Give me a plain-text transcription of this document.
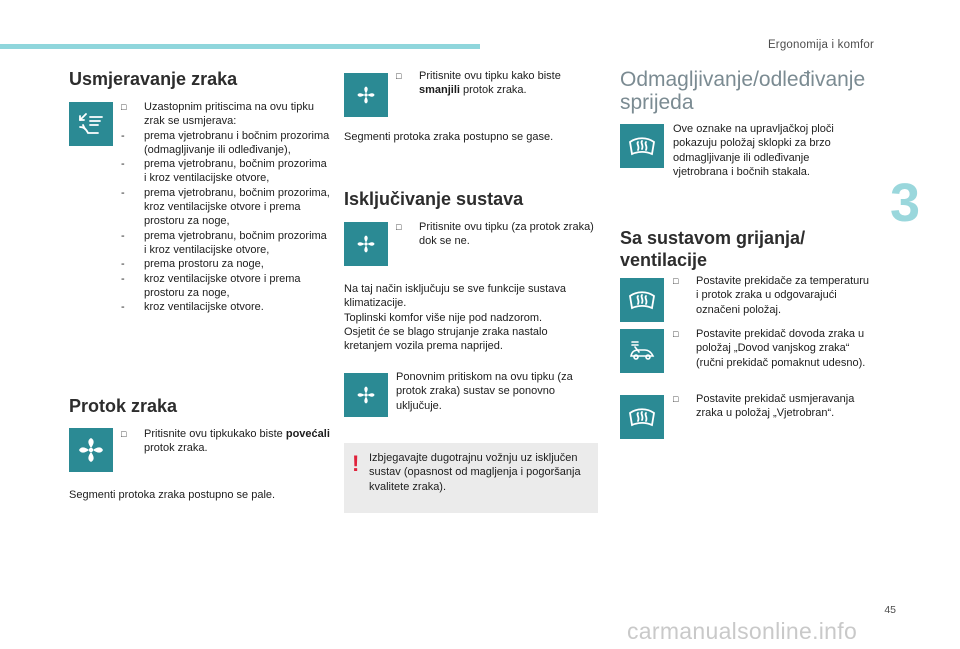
Ergonomija i komfor
3
45
carmanualsonline.info
Usmjeravanje zraka
□ Uzastopnim pritiscima na ovu tipku zrak se usmjerava:
- prema vjetrobranu i bočnim prozorima (odmagljivanje ili odleđivanje),
- prema vjetrobranu, bočnim prozorima i kroz ventilacijske otvore,
- prema vjetrobranu, bočnim prozorima, kroz ventilacijske otvore i prema prostoru za noge,
- prema vjetrobranu, bočnim prozorima i kroz ventilacijske otvore,
- prema prostoru za noge,
- kroz ventilacijske otvore i prema prostoru za noge,
- kroz ventilacijske otvore.
Protok zraka
□ Pritisnite ovu tipkukako biste povećali protok zraka.
Segmenti protoka zraka postupno se pale.
□ Pritisnite ovu tipku kako biste smanjili protok zraka.
Segmenti protoka zraka postupno se gase.
Isključivanje sustava
□ Pritisnite ovu tipku (za protok zraka) dok se ne.
Na taj način isključuju se sve funkcije sustava klimatizacije.
Toplinski komfor više nije pod nadzorom.
Osjetit će se blago strujanje zraka nastalo kretanjem vozila prema naprijed.
Ponovnim pritiskom na ovu tipku (za protok zraka) sustav se ponovno uključuje.
! Izbjegavajte dugotrajnu vožnju uz isključen sustav (opasnost od magljenja i pogoršanja kvalitete zraka).
Odmagljivanje/odleđivanje sprijeda
Ove oznake na upravljačkoj ploči pokazuju položaj sklopki za brzo odmagljivanje ili odleđivanje vjetrobrana i bočnih stakala.
Sa sustavom grijanja/ ventilacije
□ Postavite prekidače za temperaturu i protok zraka u odgovarajući označeni položaj.
□ Postavite prekidač dovoda zraka u položaj „Dovod vanjskog zraka“ (ručni prekidač pomaknut udesno).
□ Postavite prekidač usmjeravanja zraka u položaj „Vjetrobran“.
